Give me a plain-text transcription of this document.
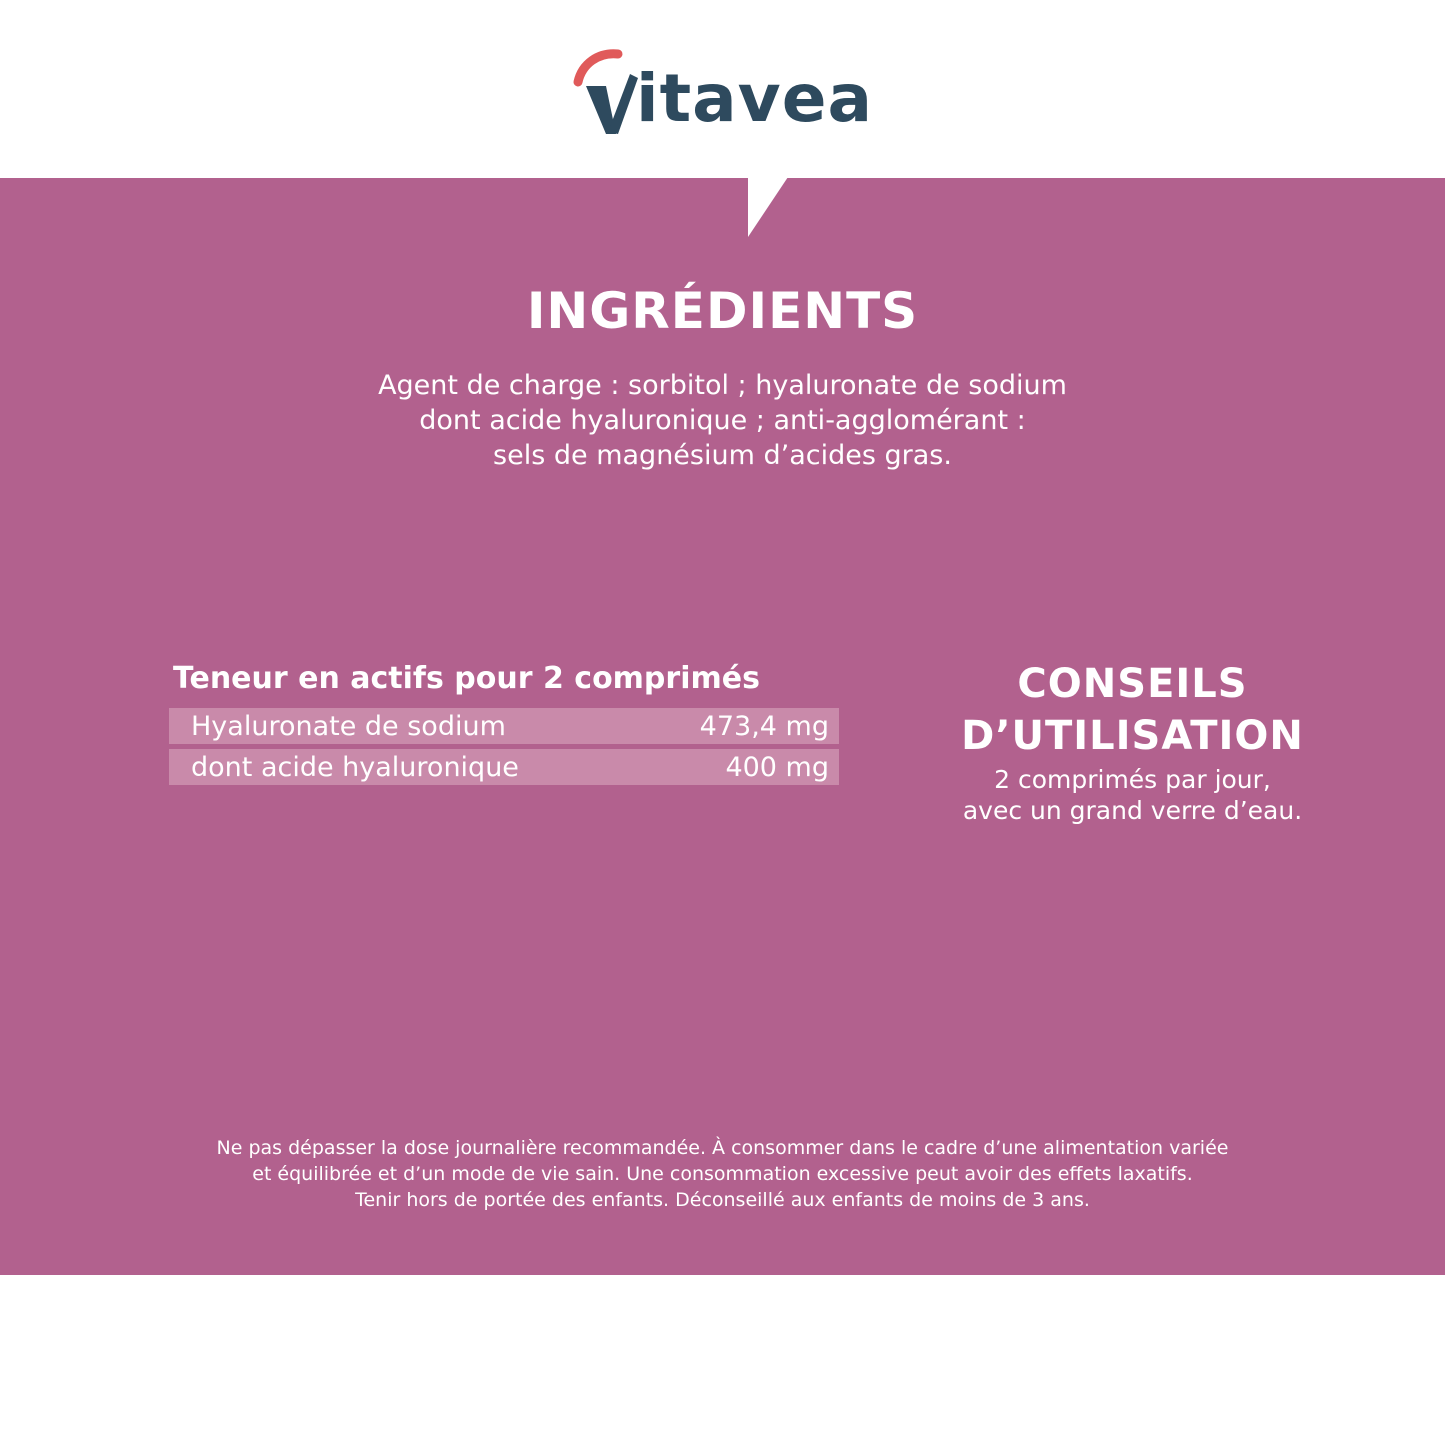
itavea
INGRÉDIENTS
Agent de charge : sorbitol ; hyaluronate de sodium
dont acide hyaluronique ; anti-agglomérant :
sels de magnésium d’acides gras.
Teneur en actifs pour 2 comprimés
Hyaluronate de sodium	473,4 mg
dont acide hyaluronique	400 mg
CONSEILS
D’UTILISATION
2 comprimés par jour,
avec un grand verre d’eau.
Ne pas dépasser la dose journalière recommandée. À consommer dans le cadre d’une alimentation variée
et équilibrée et d’un mode de vie sain. Une consommation excessive peut avoir des effets laxatifs.
Tenir hors de portée des enfants. Déconseillé aux enfants de moins de 3 ans.
